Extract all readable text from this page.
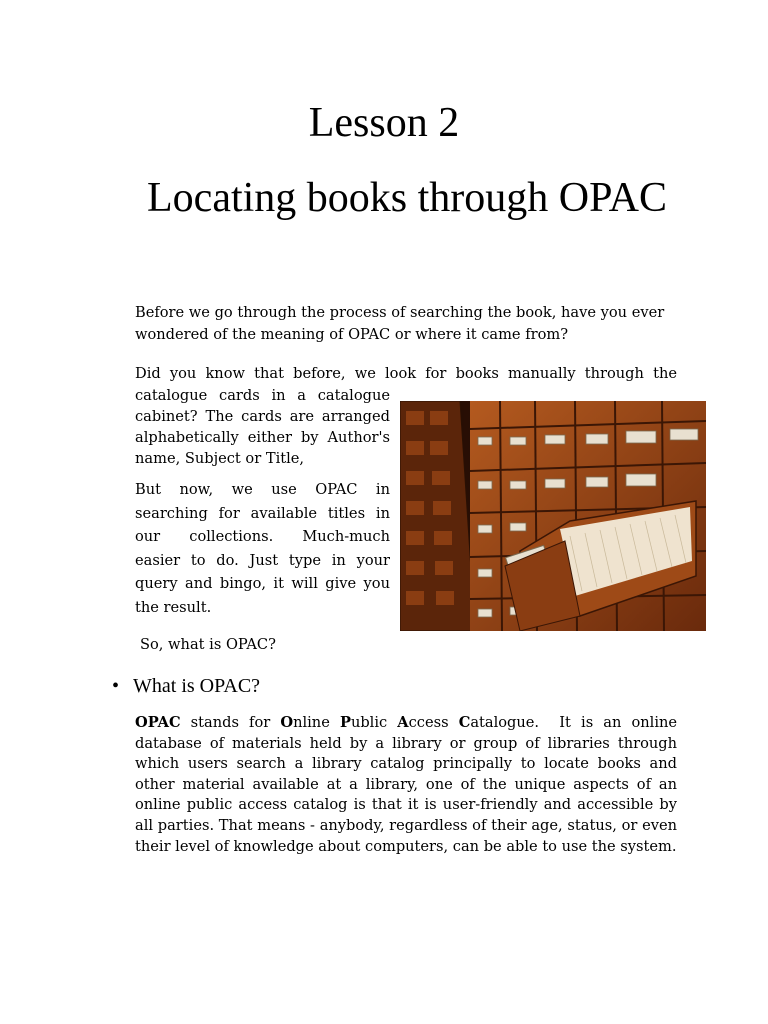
Lesson 2
Locating books through OPAC

Before we go through the process of searching the book, have you ever wondered of the meaning of OPAC or where it came from?

Did you know that before, we look for books manually through the

catalogue cards in a catalogue cabinet? The cards are arranged alphabetically either by Author's name, Subject or Title,

But now, we use OPAC in searching for available titles in our collections. Much-much easier to do. Just type in your query and bingo, it will give you the result.

So, what is OPAC?

• What is OPAC?

OPAC stands for Online Public Access Catalogue. It is an online database of materials held by a library or group of libraries through which users search a library catalog principally to locate books and other material available at a library, one of the unique aspects of an online public access catalog is that it is user-friendly and accessible by all parties. That means - anybody, regardless of their age, status, or even their level of knowledge about computers, can be able to use the system.
